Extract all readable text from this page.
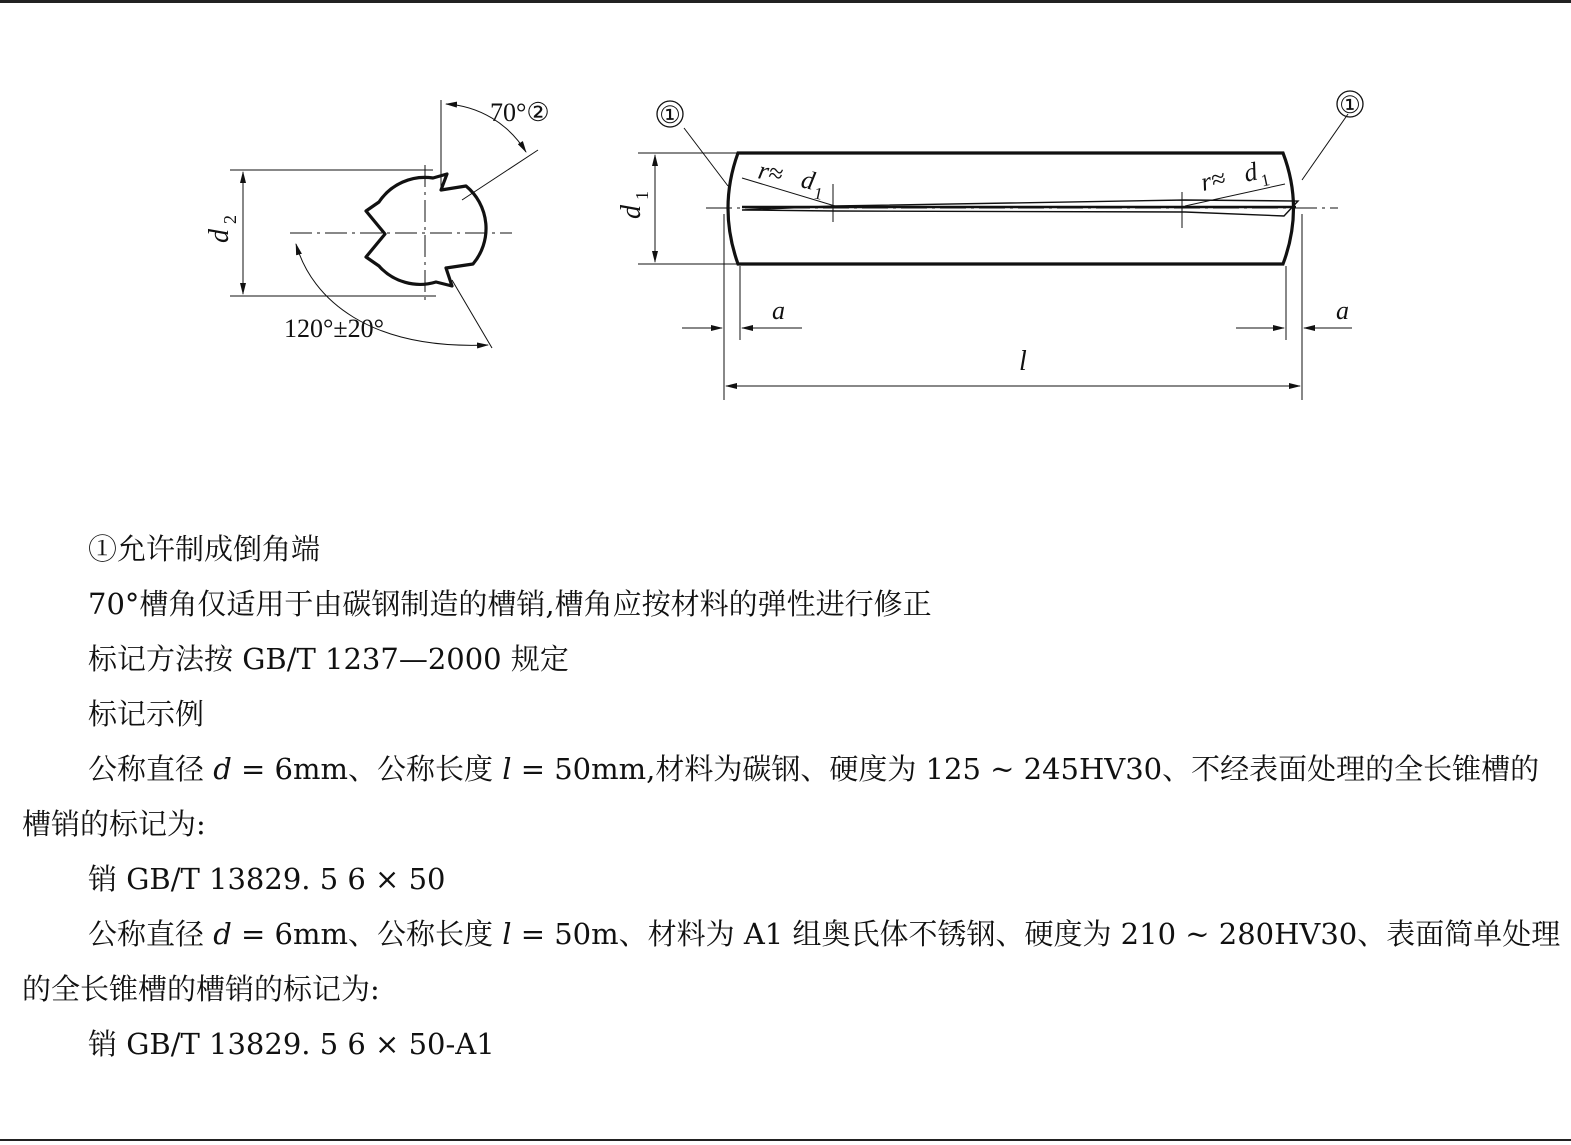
70°②
d
2
120°±20°
①	①
d
1
r≈ d
1	r≈ d 1
a	a
l
①允许制成倒角端
70°槽角仅适用于由碳钢制造的槽销,槽角应按材料的弹性进行修正
标记方法按 GB/T 1237—2000 规定
标记示例
公称直径 d = 6mm、公称长度 l = 50mm,材料为碳钢、硬度为 125 ~ 245HV30、不经表面处理的全长锥槽的
槽销的标记为:
销 GB/T 13829. 5 6 × 50
公称直径 d = 6mm、公称长度 l = 50m、材料为 A1 组奥氏体不锈钢、硬度为 210 ~ 280HV30、表面简单处理
的全长锥槽的槽销的标记为:
销 GB/T 13829. 5 6 × 50-A1
